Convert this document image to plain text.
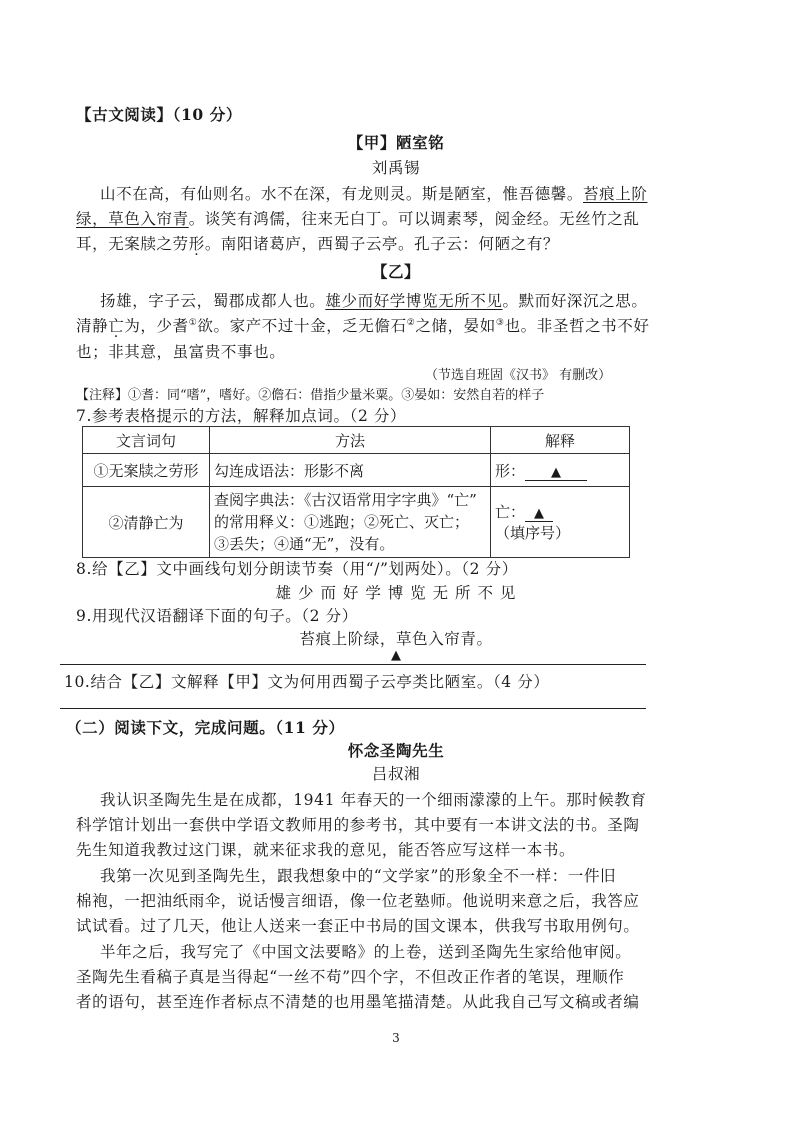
【古文阅读】（10 分）
【甲】陋室铭
刘禹锡
山不在高，有仙则名。水不在深，有龙则灵。斯是陋室，惟吾德馨。苔痕上阶
绿，草色入帘青。谈笑有鸿儒，往来无白丁。可以调素琴，阅金经。无丝竹之乱
耳，无案牍之劳形。南阳诸葛庐，西蜀子云亭。孔子云：何陋之有？
【乙】
扬雄，字子云，蜀郡成都人也。雄少而好学博览无所不见。默而好深沉之思。
清静亡为，少耆①欲。家产不过十金，乏无儋石②之储，晏如③也。非圣哲之书不好
也；非其意，虽富贵不事也。
（节选自班固《汉书》 有删改）
【注释】①耆：同“嗜”，嗜好。②儋石：借指少量米粟。③晏如：安然自若的样子
7.参考表格提示的方法，解释加点词。（2 分）
文言词句	方法	解释
①无案牍之劳形	勾连成语法：形影不离	形： ▲
②清静亡为	查阅字典法：《古汉语常用字字典》“亡”
的常用释义：①逃跑；②死亡、灭亡；
③丢失；④通“无”，没有。	亡： ▲（填序号）
8.给【乙】文中画线句划分朗读节奏（用“/”划两处）。（2 分）
雄 少 而 好 学 博 览 无 所 不 见
9.用现代汉语翻译下面的句子。（2 分）
苔痕上阶绿，草色入帘青。
▲
10.结合【乙】文解释【甲】文为何用西蜀子云亭类比陋室。（4 分）
（二）阅读下文，完成问题。（11 分）
怀念圣陶先生
吕叔湘
我认识圣陶先生是在成都，1941 年春天的一个细雨濛濛的上午。那时候教育
科学馆计划出一套供中学语文教师用的参考书，其中要有一本讲文法的书。圣陶
先生知道我教过这门课，就来征求我的意见，能否答应写这样一本书。
我第一次见到圣陶先生，跟我想象中的“文学家”的形象全不一样：一件旧
棉袍，一把油纸雨伞，说话慢言细语，像一位老塾师。他说明来意之后，我答应
试试看。过了几天，他让人送来一套正中书局的国文课本，供我写书取用例句。
半年之后，我写完了《中国文法要略》的上卷，送到圣陶先生家给他审阅。
圣陶先生看稿子真是当得起“一丝不苟”四个字，不但改正作者的笔误，理顺作
者的语句，甚至连作者标点不清楚的也用墨笔描清楚。从此我自己写文稿或者编
3
